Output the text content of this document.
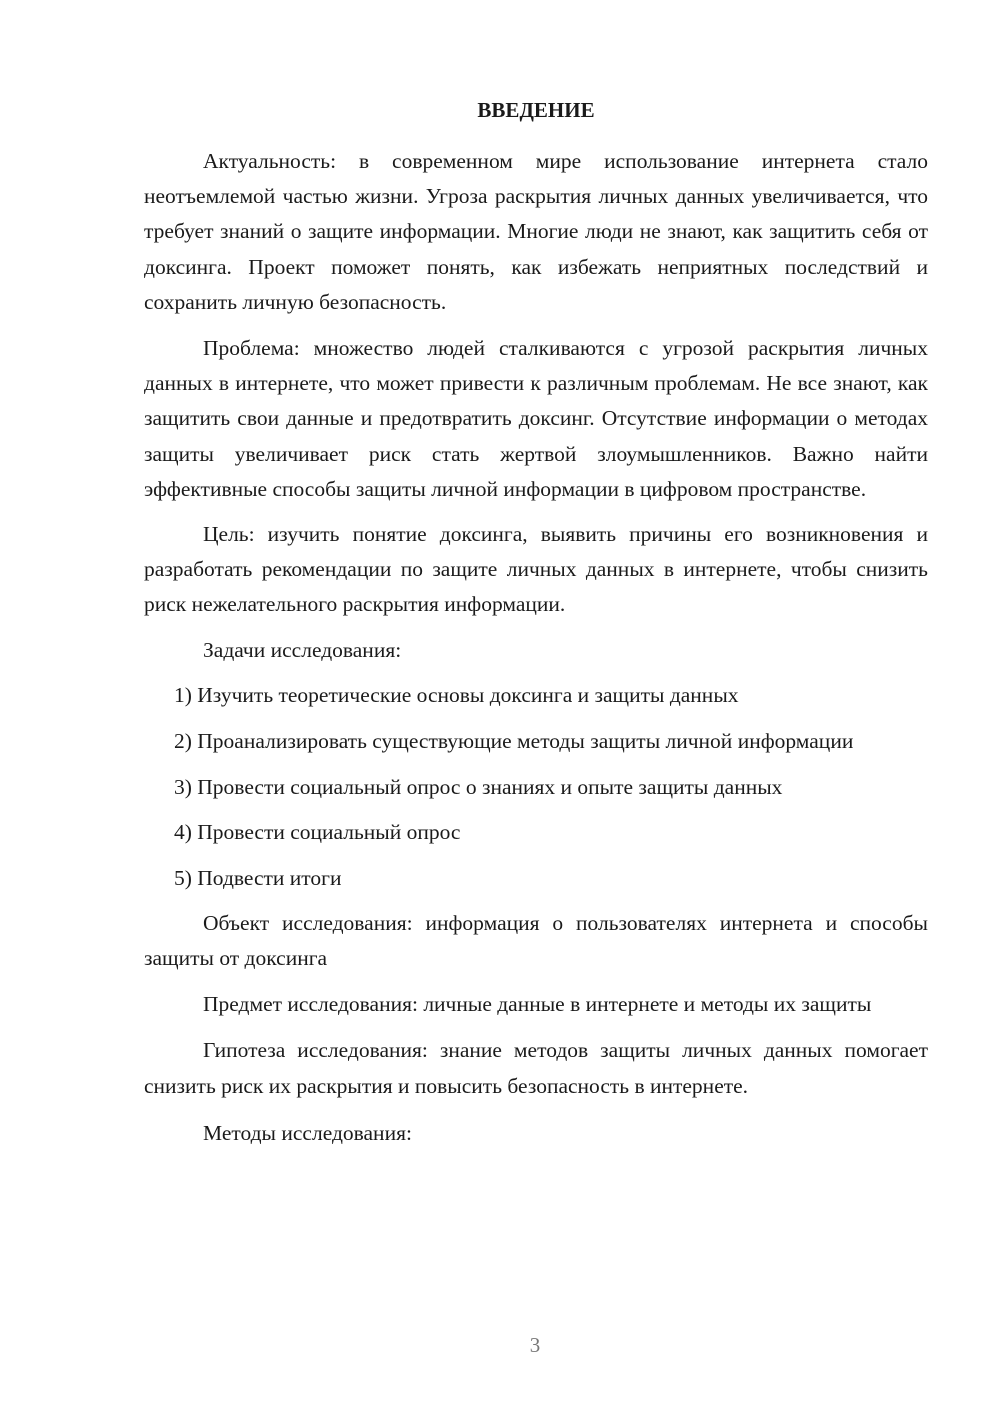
ВВЕДЕНИЕ

Актуальность: в современном мире использование интернета стало неотъемлемой частью жизни. Угроза раскрытия личных данных увеличивается, что требует знаний о защите информации. Многие люди не знают, как защитить себя от доксинга. Проект поможет понять, как избежать неприятных последствий и сохранить личную безопасность.

Проблема: множество людей сталкиваются с угрозой раскрытия личных данных в интернете, что может привести к различным проблемам. Не все знают, как защитить свои данные и предотвратить доксинг. Отсутствие информации о методах защиты увеличивает риск стать жертвой злоумышленников. Важно найти эффективные способы защиты личной информации в цифровом пространстве.

Цель: изучить понятие доксинга, выявить причины его возникновения и разработать рекомендации по защите личных данных в интернете, чтобы снизить риск нежелательного раскрытия информации.

Задачи исследования:

1) Изучить теоретические основы доксинга и защиты данных

2) Проанализировать существующие методы защиты личной информации

3) Провести социальный опрос о знаниях и опыте защиты данных

4) Провести социальный опрос

5) Подвести итоги

Объект исследования: информация о пользователях интернета и способы защиты от доксинга

Предмет исследования: личные данные в интернете и методы их защиты

Гипотеза исследования: знание методов защиты личных данных помогает снизить риск их раскрытия и повысить безопасность в интернете.

Методы исследования:

3
